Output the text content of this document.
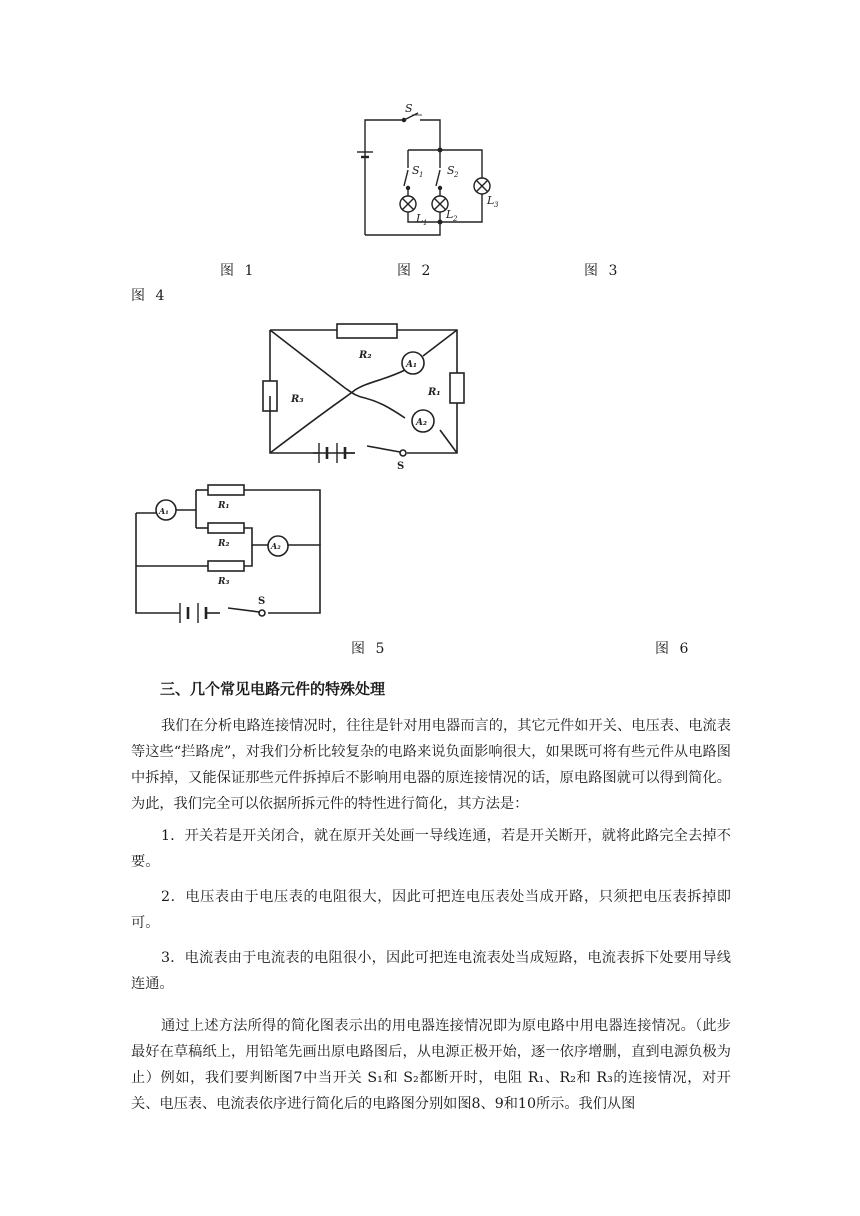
S
S 1 S 2
L 1
L 2
L 3
图 1	图 2	图 3
图 4
R₂
R₁
R₃
A₁
A₂
S
R₁
R₂
R₃
A₁
A₂
S
图 5	图 6
三、几个常见电路元件的特殊处理

我们在分析电路连接情况时，往往是针对用电器而言的，其它元件如开关、电压表、电流表等这些“拦路虎”，对我们分析比较复杂的电路来说负面影响很大，如果既可将有些元件从电路图中拆掉，又能保证那些元件拆掉后不影响用电器的原连接情况的话，原电路图就可以得到简化。为此，我们完全可以依据所拆元件的特性进行简化，其方法是：

1．开关若是开关闭合，就在原开关处画一导线连通，若是开关断开，就将此路完全去掉不要。

2．电压表由于电压表的电阻很大，因此可把连电压表处当成开路，只须把电压表拆掉即可。

3．电流表由于电流表的电阻很小，因此可把连电流表处当成短路，电流表拆下处要用导线连通。

通过上述方法所得的简化图表示出的用电器连接情况即为原电路中用电器连接情况。（此步最好在草稿纸上，用铅笔先画出原电路图后，从电源正极开始，逐一依序增删，直到电源负极为止）例如，我们要判断图7中当开关 S₁和 S₂都断开时，电阻 R₁、R₂和 R₃的连接情况，对开关、电压表、电流表依序进行简化后的电路图分别如图8、9和10所示。我们从图
